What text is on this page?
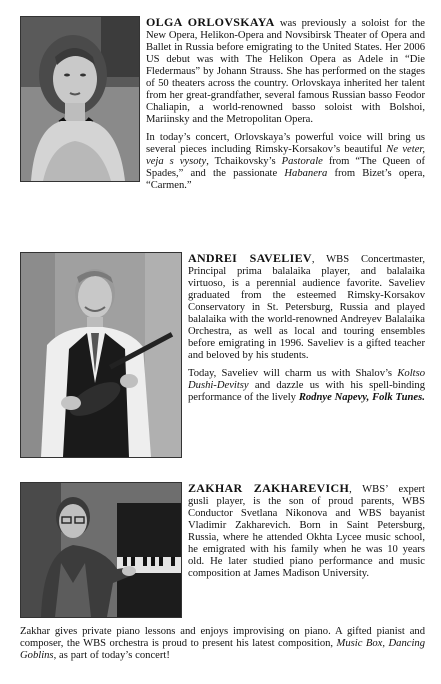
OLGA ORLOVSKAYA was previously a soloist for the New Opera, Helikon-Opera and Novsibirsk Theater of Opera and Ballet in Russia before emigrating to the United States. Her 2006 US debut was with The Helikon Opera as Adele in “Die Fledermaus” by Johann Strauss. She has performed on the stages of 50 theaters across the country. Orlovskaya inherited her talent from her great-grandfather, several famous Russian basso Feodor Chaliapin, a world-renowned basso soloist with Bolshoi, Mariinsky and the Metropolitan Opera.

In today’s concert, Orlovskaya’s powerful voice will bring us several pieces including Rimsky-Korsakov’s beautiful Ne veter, veja s vysoty, Tchaikovsky’s Pastorale from “The Queen of Spades,” and the passionate Habanera from Bizet’s opera, “Carmen.”

ANDREI SAVELIEV, WBS Concertmaster, Principal prima balalaika player, and balalaika virtuoso, is a perennial audience favorite. Saveliev graduated from the esteemed Rimsky-Korsakov Conservatory in St. Petersburg, Russia and played balalaika with the world-renowned Andreyev Balalaika Orchestra, as well as local and touring ensembles before emigrating in 1996. Saveliev is a gifted teacher and beloved by his students.

Today, Saveliev will charm us with Shalov’s Koltso Dushi-Devitsy and dazzle us with his spell-binding performance of the lively Rodnye Napevy, Folk Tunes.

ZAKHAR ZAKHAREVICH, WBS’ expert gusli player, is the son of proud parents, WBS Conductor Svetlana Nikonova and WBS bayanist Vladimir Zakharevich. Born in Saint Petersburg, Russia, where he attended Okhta Lycee music school, he emigrated with his family when he was 10 years old. He later studied piano performance and music composition at James Madison University.

Zakhar gives private piano lessons and enjoys improvising on piano. A gifted pianist and composer, the WBS orchestra is proud to present his latest composition, Music Box, Dancing Goblins, as part of today’s concert!
